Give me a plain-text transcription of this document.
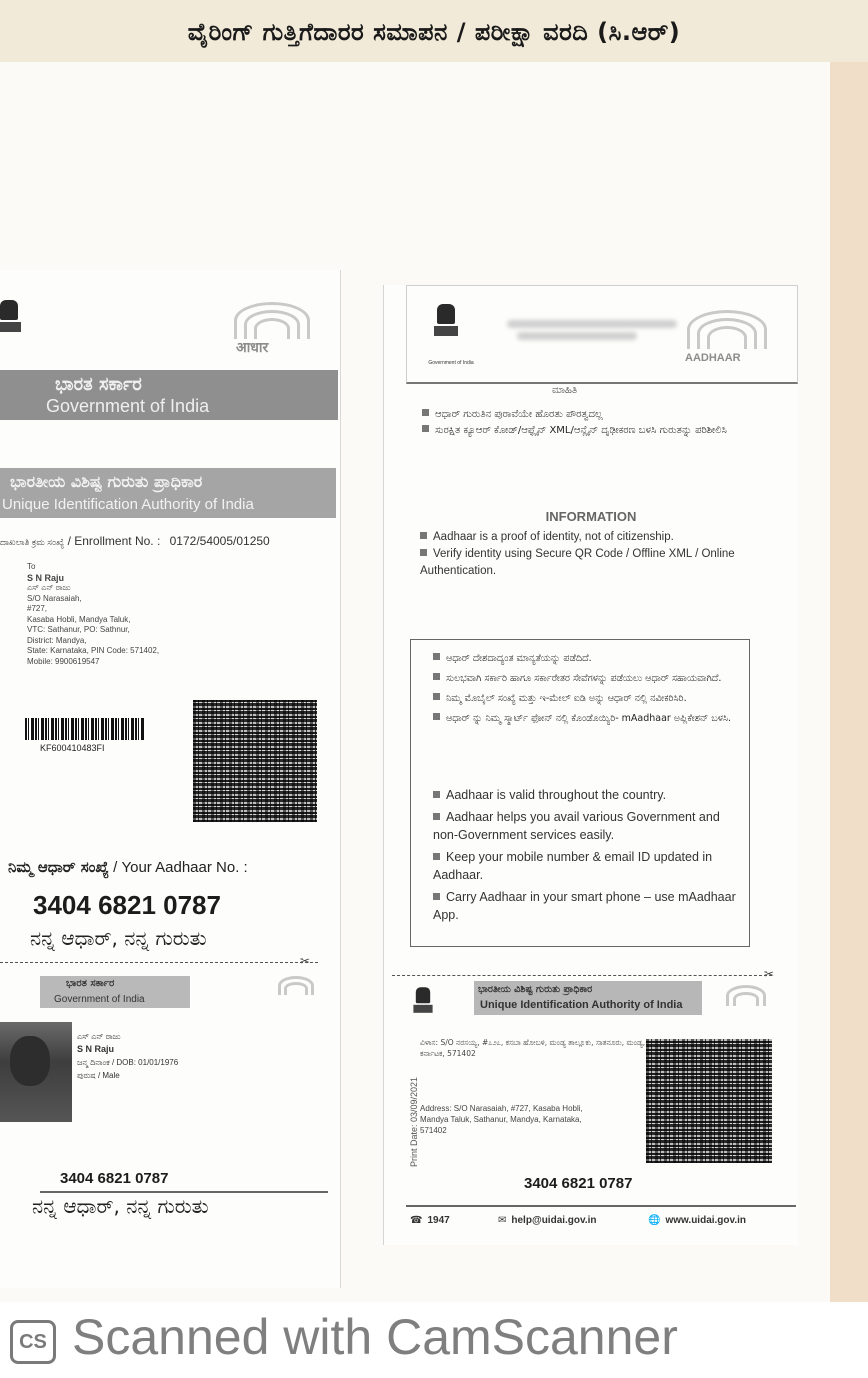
ವೈರಿಂಗ್ ಗುತ್ತಿಗೆದಾರರ ಸಮಾಪನ / ಪರೀಕ್ಷಾ ವರದಿ (ಸಿ.ಆರ್)
आधार
ಭಾರತ ಸರ್ಕಾರ
Government of India
ಭಾರತೀಯ ವಿಶಿಷ್ಟ ಗುರುತು ಪ್ರಾಧಿಕಾರ
Unique Identification Authority of India
ದಾಖಲಾತಿ ಕ್ರಮ ಸಂಖ್ಯೆ / Enrollment No. : 0172/54005/01250
To
S N Raju
ಎಸ್ ಎನ್ ರಾಜು
S/O Narasaiah,
#727,
Kasaba Hobli, Mandya Taluk,
VTC: Sathanur, PO: Sathnur,
District: Mandya,
State: Karnataka, PIN Code: 571402,
Mobile: 9900619547
KF600410483FI
ನಿಮ್ಮ ಆಧಾರ್ ಸಂಖ್ಯೆ / Your Aadhaar No. :
3404 6821 0787
ನನ್ನ ಆಧಾರ್, ನನ್ನ ಗುರುತು
✂
ಭಾರತ ಸರ್ಕಾರ
Government of India
ಎಸ್ ಎನ್ ರಾಜು
S N Raju
ಜನ್ಮ ದಿನಾಂಕ / DOB: 01/01/1976
ಪುರುಷ / Male
3404 6821 0787
ನನ್ನ ಆಧಾರ್, ನನ್ನ ಗುರುತು
Government of India	AADHAAR
ಮಾಹಿತಿ
ಆಧಾರ್ ಗುರುತಿನ ಪುರಾವೆಯೇ ಹೊರತು ಪೌರತ್ವದಲ್ಲ
ಸುರಕ್ಷಿತ ಕ್ಯೂಆರ್ ಕೋಡ್/ಆಫ್ಲೈನ್ XML/ಆನ್ಲೈನ್ ದೃಢೀಕರಣ ಬಳಸಿ ಗುರುತನ್ನು ಪರಿಶೀಲಿಸಿ
INFORMATION
Aadhaar is a proof of identity, not of citizenship.
Verify identity using Secure QR Code / Offline XML / Online Authentication.
ಆಧಾರ್ ದೇಶದಾದ್ಯಂತ ಮಾನ್ಯತೆಯನ್ನು ಪಡೆದಿದೆ.
ಸುಲಭವಾಗಿ ಸರ್ಕಾರಿ ಹಾಗೂ ಸರ್ಕಾರೇತರ ಸೇವೆಗಳನ್ನು ಪಡೆಯಲು ಆಧಾರ್ ಸಹಾಯವಾಗಿದೆ.
ನಿಮ್ಮ ಮೊಬೈಲ್ ಸಂಖ್ಯೆ ಮತ್ತು ಇ-ಮೇಲ್ ಐಡಿ ಅನ್ನು ಆಧಾರ್ ನಲ್ಲಿ ನವೀಕರಿಸಿರಿ.
ಆಧಾರ್ ನ್ನು ನಿಮ್ಮ ಸ್ಮಾರ್ಟ್ ಫೋನ್ ನಲ್ಲಿ ಕೊಂಡೊಯ್ಯಿರಿ- mAadhaar ಅಪ್ಲಿಕೇಶನ್ ಬಳಸಿ.
Aadhaar is valid throughout the country.
Aadhaar helps you avail various Government and non-Government services easily.
Keep your mobile number & email ID updated in Aadhaar.
Carry Aadhaar in your smart phone – use mAadhaar App.
✂
ಭಾರತೀಯ ವಿಶಿಷ್ಟ ಗುರುತು ಪ್ರಾಧಿಕಾರ
Unique Identification Authority of India
ವಿಳಾಸ: S/O ನರಸಯ್ಯ, #೭೨೭, ಕಸಬಾ ಹೋಬಳಿ, ಮಂಡ್ಯ ತಾಲ್ಲೂಕು, ಸಾತನೂರು, ಮಂಡ್ಯ, ಕರ್ನಾಟಕ, 571402
Address: S/O Narasaiah, #727, Kasaba Hobli, Mandya Taluk, Sathanur, Mandya, Karnataka, 571402
Print Date: 03/09/2021
3404 6821 0787
☎ 1947	✉ help@uidai.gov.in	🌐 www.uidai.gov.in
CS Scanned with CamScanner
